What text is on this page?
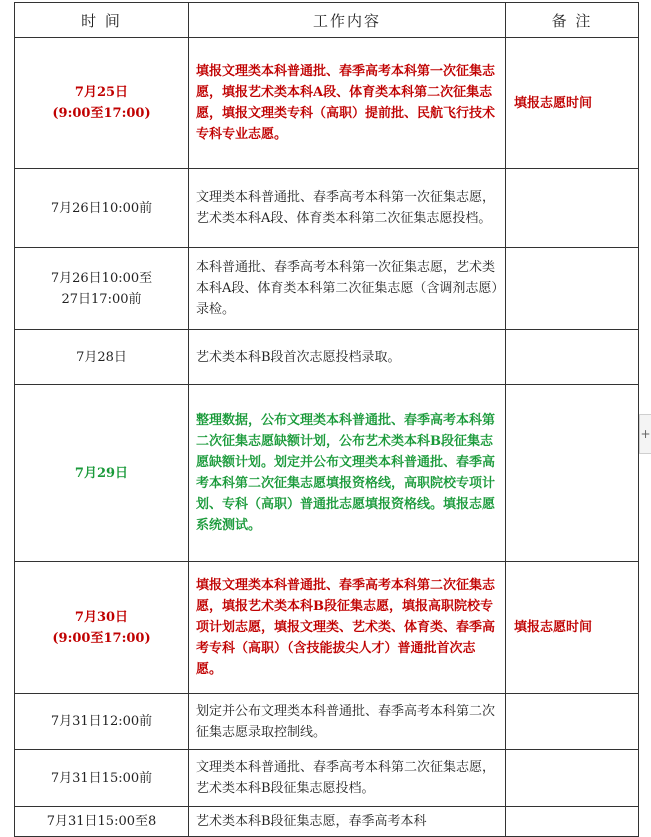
时 间	工作内容	备 注

7月25日
(9:00至17:00)	填报文理类本科普通批、春季高考本科第一次征集志愿，填报艺术类本科A段、体育类本科第二次征集志愿，填报文理类专科（高职）提前批、民航飞行技术专科专业志愿。	填报志愿时间

7月26日10:00前	文理类本科普通批、春季高考本科第一次征集志愿，艺术类本科A段、体育类本科第二次征集志愿投档。	

7月26日10:00至
27日17:00前	本科普通批、春季高考本科第一次征集志愿，艺术类本科A段、体育类本科第二次征集志愿（含调剂志愿）录检。	

7月28日	艺术类本科B段首次志愿投档录取。	

7月29日	整理数据，公布文理类本科普通批、春季高考本科第二次征集志愿缺额计划，公布艺术类本科B段征集志愿缺额计划。划定并公布文理类本科普通批、春季高考本科第二次征集志愿填报资格线，高职院校专项计划、专科（高职）普通批志愿填报资格线。填报志愿系统测试。	

7月30日
(9:00至17:00)	填报文理类本科普通批、春季高考本科第二次征集志愿，填报艺术类本科B段征集志愿，填报高职院校专项计划志愿，填报文理类、艺术类、体育类、春季高考专科（高职）（含技能拔尖人才）普通批首次志愿。	填报志愿时间

7月31日12:00前	划定并公布文理类本科普通批、春季高考本科第二次征集志愿录取控制线。	

7月31日15:00前	文理类本科普通批、春季高考本科第二次征集志愿，艺术类本科B段征集志愿投档。	

7月31日15:00至8	艺术类本科B段征集志愿，春季高考本科	
+
